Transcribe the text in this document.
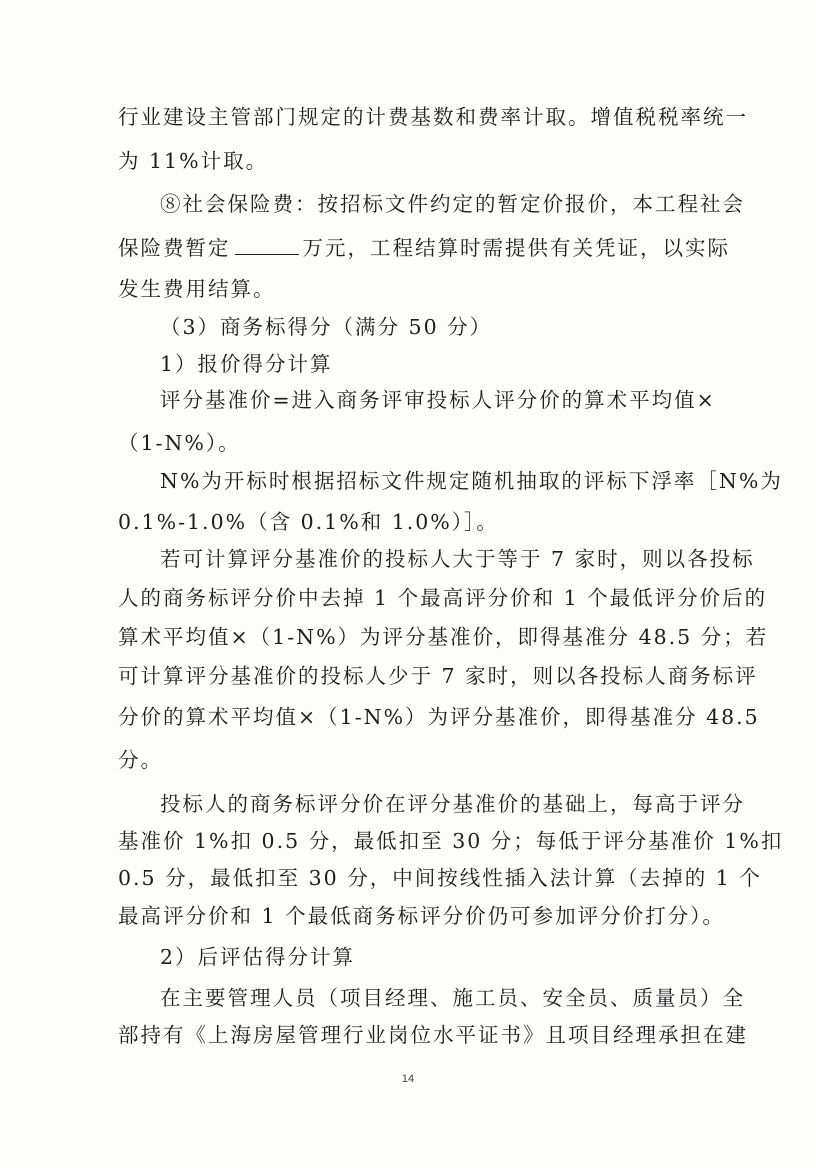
行业建设主管部门规定的计费基数和费率计取。增值税税率统一
为 11%计取。
⑧社会保险费：按招标文件约定的暂定价报价，本工程社会
保险费暂定	万元，工程结算时需提供有关凭证，以实际
发生费用结算。
（3）商务标得分（满分 50 分）
1）报价得分计算
评分基准价=进入商务评审投标人评分价的算术平均值×
（1-N%）。
N%为开标时根据招标文件规定随机抽取的评标下浮率［N%为
0.1%-1.0%（含 0.1%和 1.0%）］。
若可计算评分基准价的投标人大于等于 7 家时，则以各投标
人的商务标评分价中去掉 1 个最高评分价和 1 个最低评分价后的
算术平均值×（1-N%）为评分基准价，即得基准分 48.5 分；若
可计算评分基准价的投标人少于 7 家时，则以各投标人商务标评
分价的算术平均值×（1-N%）为评分基准价，即得基准分 48.5
分。
投标人的商务标评分价在评分基准价的基础上，每高于评分
基准价 1%扣 0.5 分，最低扣至 30 分；每低于评分基准价 1%扣
0.5 分，最低扣至 30 分，中间按线性插入法计算（去掉的 1 个
最高评分价和 1 个最低商务标评分价仍可参加评分价打分）。
2）后评估得分计算
在主要管理人员（项目经理、施工员、安全员、质量员）全
部持有《上海房屋管理行业岗位水平证书》且项目经理承担在建
14
